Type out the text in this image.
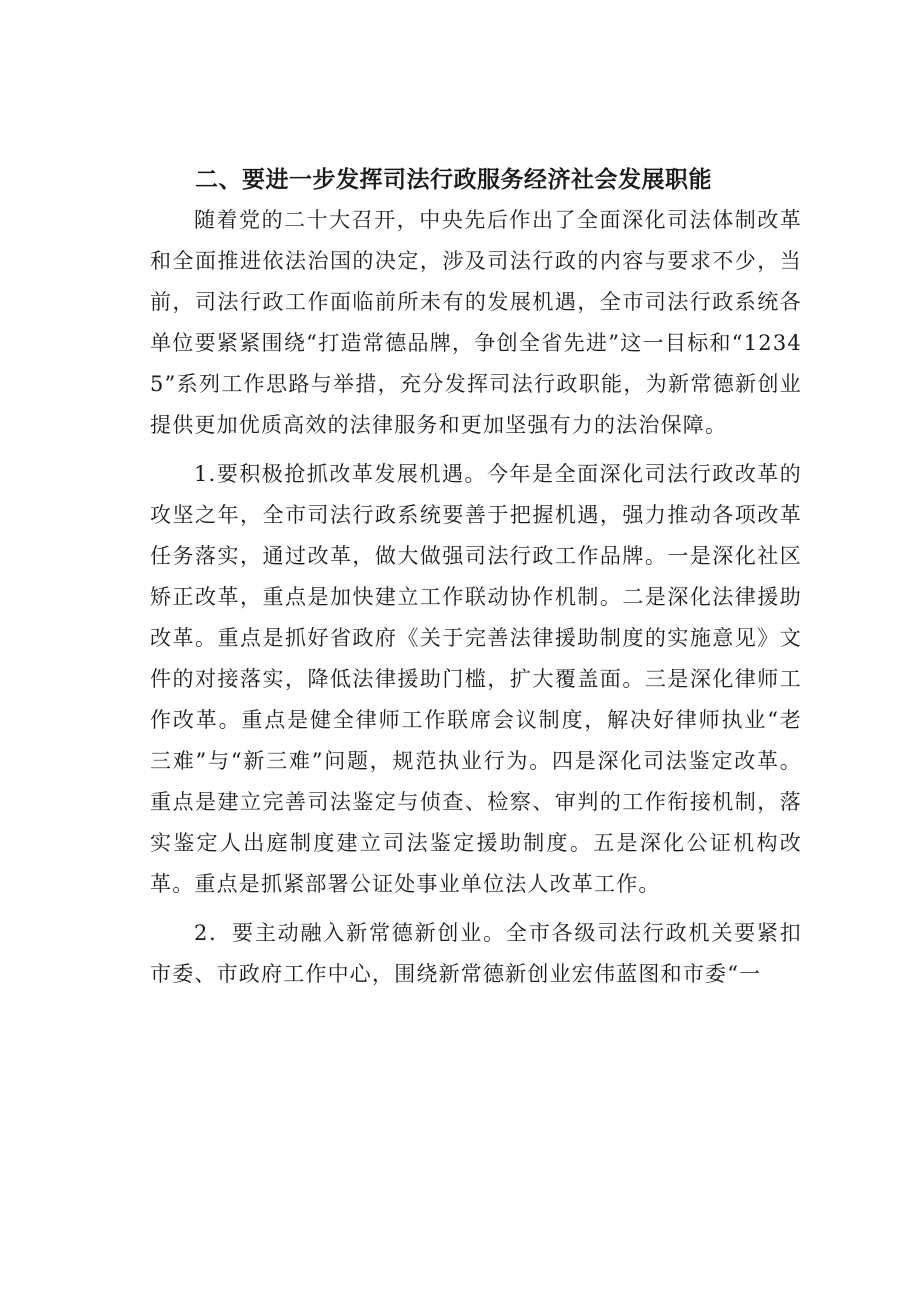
二、要进一步发挥司法行政服务经济社会发展职能

随着党的二十大召开，中央先后作出了全面深化司法体制改革和全面推进依法治国的决定，涉及司法行政的内容与要求不少，当前，司法行政工作面临前所未有的发展机遇，全市司法行政系统各单位要紧紧围绕“打造常德品牌，争创全省先进”这一目标和“12345”系列工作思路与举措，充分发挥司法行政职能，为新常德新创业提供更加优质高效的法律服务和更加坚强有力的法治保障。

1.要积极抢抓改革发展机遇。今年是全面深化司法行政改革的攻坚之年，全市司法行政系统要善于把握机遇，强力推动各项改革任务落实，通过改革，做大做强司法行政工作品牌。一是深化社区矫正改革，重点是加快建立工作联动协作机制。二是深化法律援助改革。重点是抓好省政府《关于完善法律援助制度的实施意见》文件的对接落实，降低法律援助门槛，扩大覆盖面。三是深化律师工作改革。重点是健全律师工作联席会议制度，解决好律师执业“老三难”与“新三难”问题，规范执业行为。四是深化司法鉴定改革。重点是建立完善司法鉴定与侦查、检察、审判的工作衔接机制，落实鉴定人出庭制度建立司法鉴定援助制度。五是深化公证机构改革。重点是抓紧部署公证处事业单位法人改革工作。

2．要主动融入新常德新创业。全市各级司法行政机关要紧扣市委、市政府工作中心，围绕新常德新创业宏伟蓝图和市委“一
